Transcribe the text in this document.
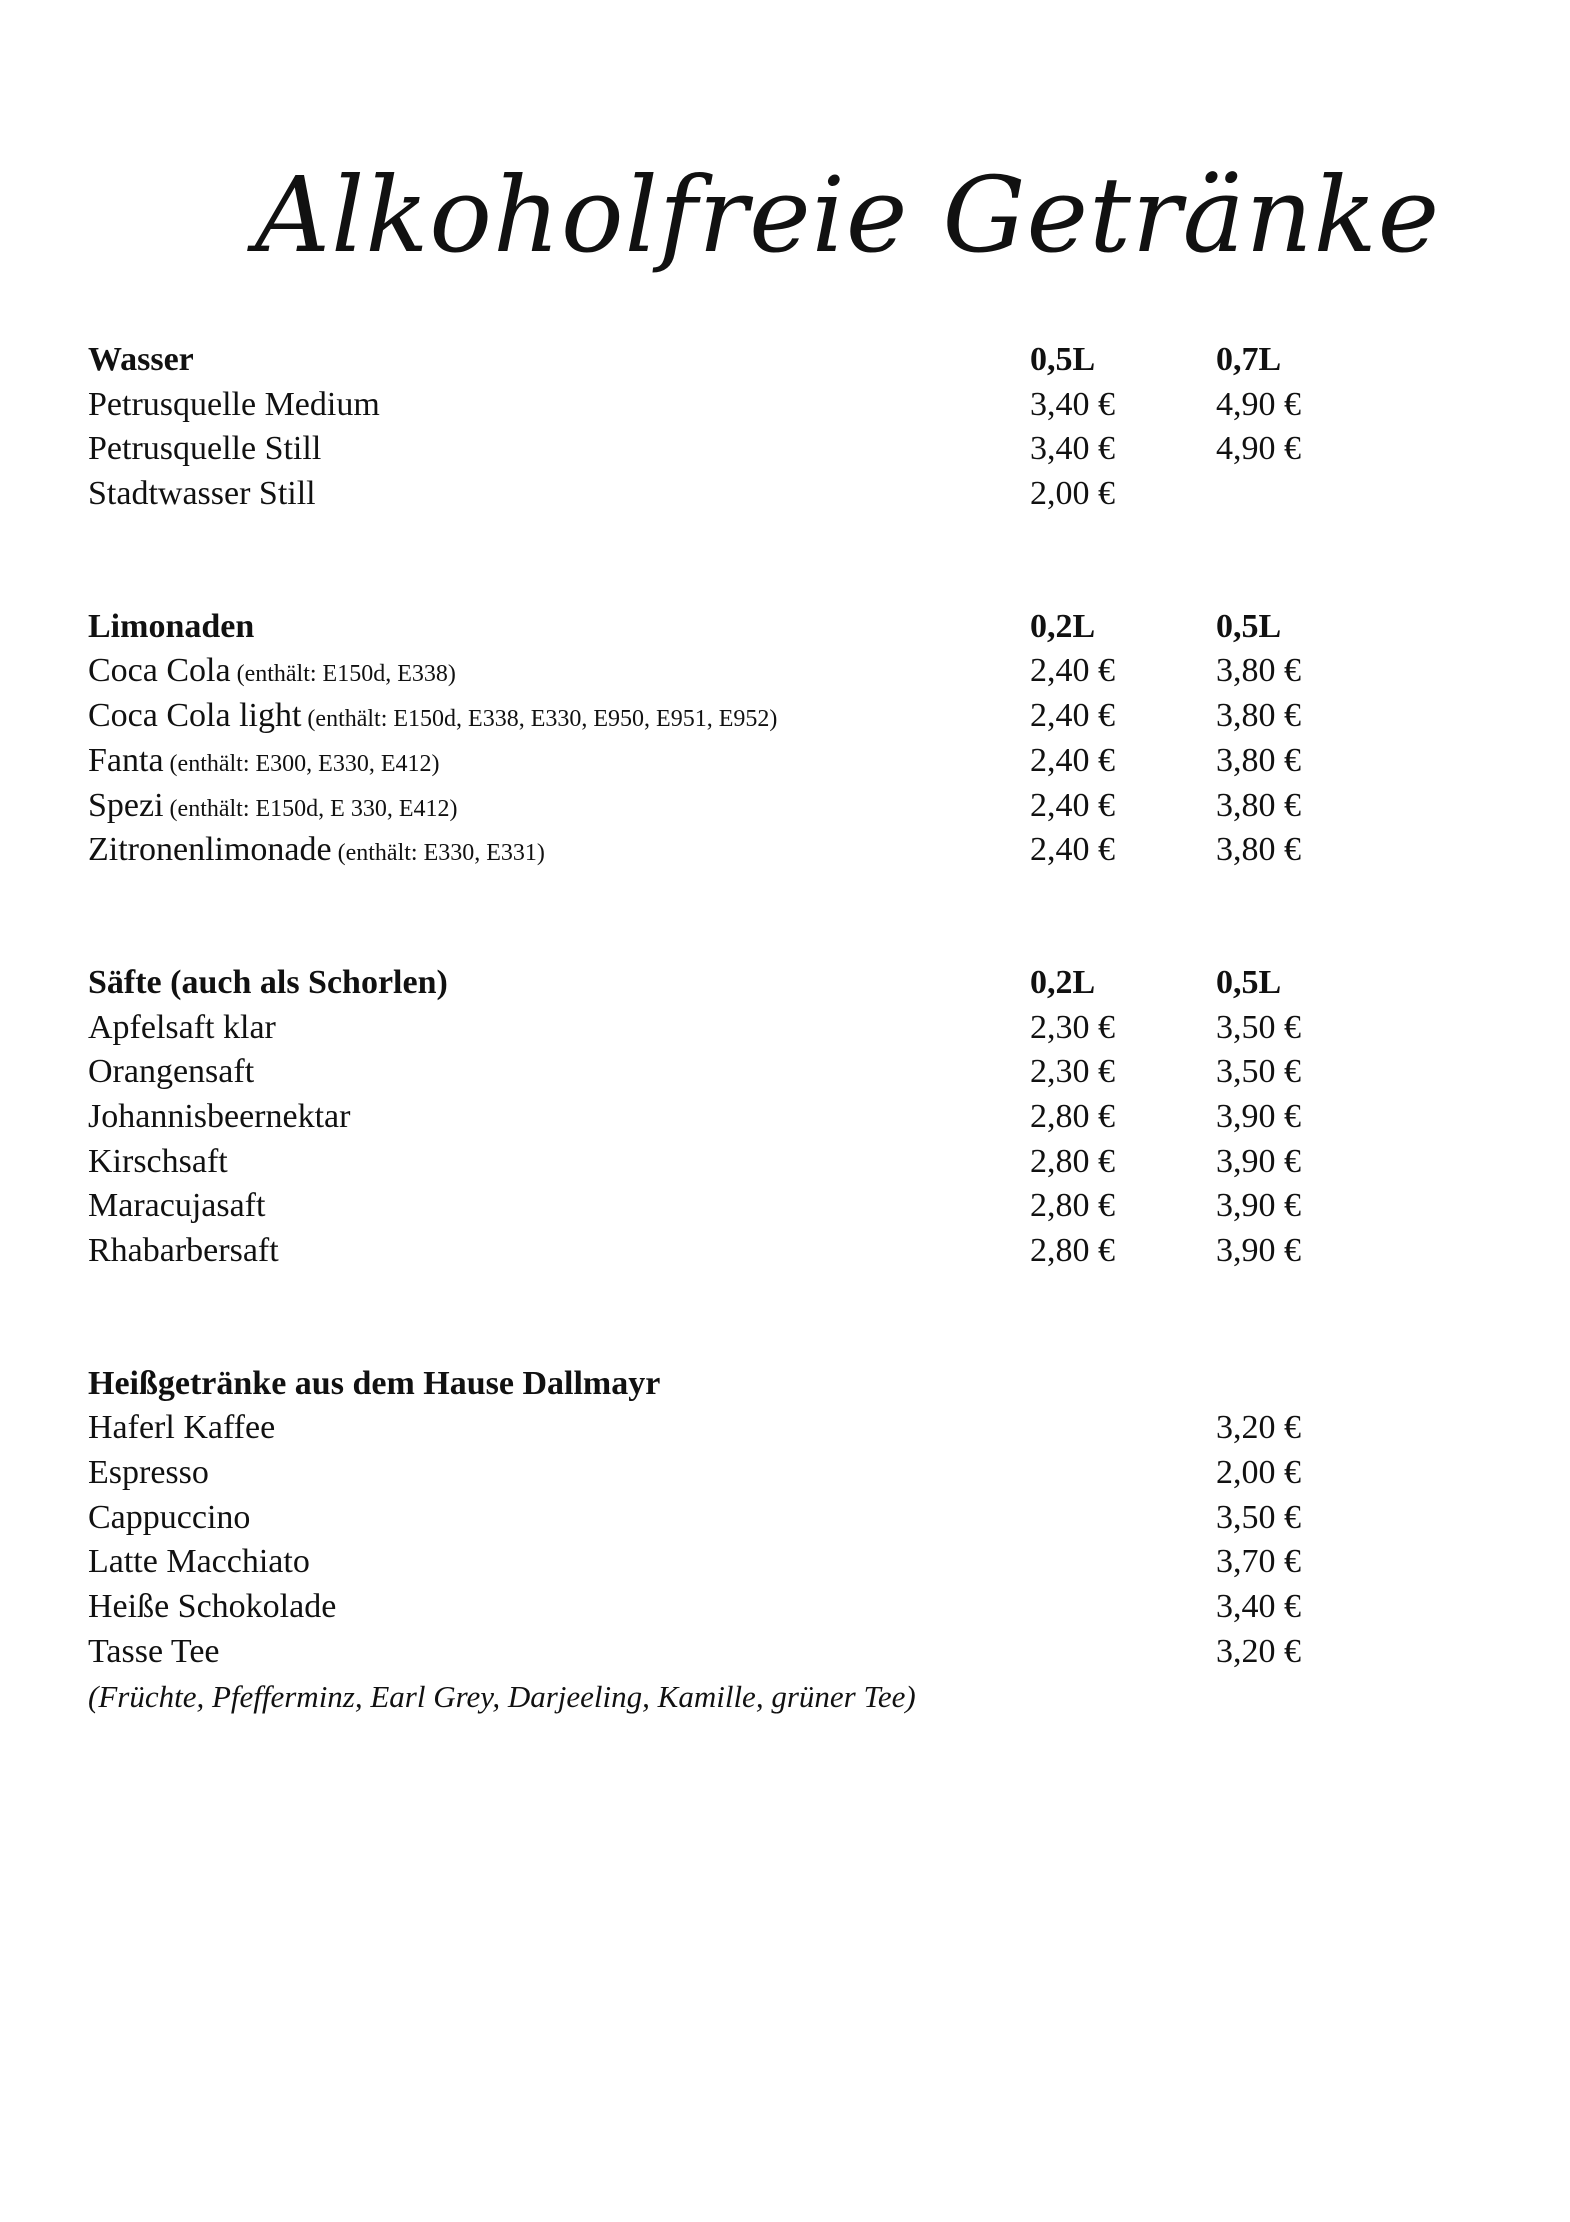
Alkoholfreie Getränke
Wasser	0,5L	0,7L
Petrusquelle Medium	3,40 €	4,90 €
Petrusquelle Still	3,40 €	4,90 €
Stadtwasser Still	2,00 €
Limonaden	0,2L	0,5L
Coca Cola (enthält: E150d, E338)	2,40 €	3,80 €
Coca Cola light (enthält: E150d, E338, E330, E950, E951, E952)	2,40 €	3,80 €
Fanta (enthält: E300, E330, E412)	2,40 €	3,80 €
Spezi (enthält: E150d, E 330, E412)	2,40 €	3,80 €
Zitronenlimonade (enthält: E330, E331)	2,40 €	3,80 €
Säfte (auch als Schorlen)	0,2L	0,5L
Apfelsaft klar	2,30 €	3,50 €
Orangensaft	2,30 €	3,50 €
Johannisbeernektar	2,80 €	3,90 €
Kirschsaft	2,80 €	3,90 €
Maracujasaft	2,80 €	3,90 €
Rhabarbersaft	2,80 €	3,90 €
Heißgetränke aus dem Hause Dallmayr
Haferl Kaffee	3,20 €
Espresso	2,00 €
Cappuccino	3,50 €
Latte Macchiato	3,70 €
Heiße Schokolade	3,40 €
Tasse Tee	3,20 €
(Früchte, Pfefferminz, Earl Grey, Darjeeling, Kamille, grüner Tee)
